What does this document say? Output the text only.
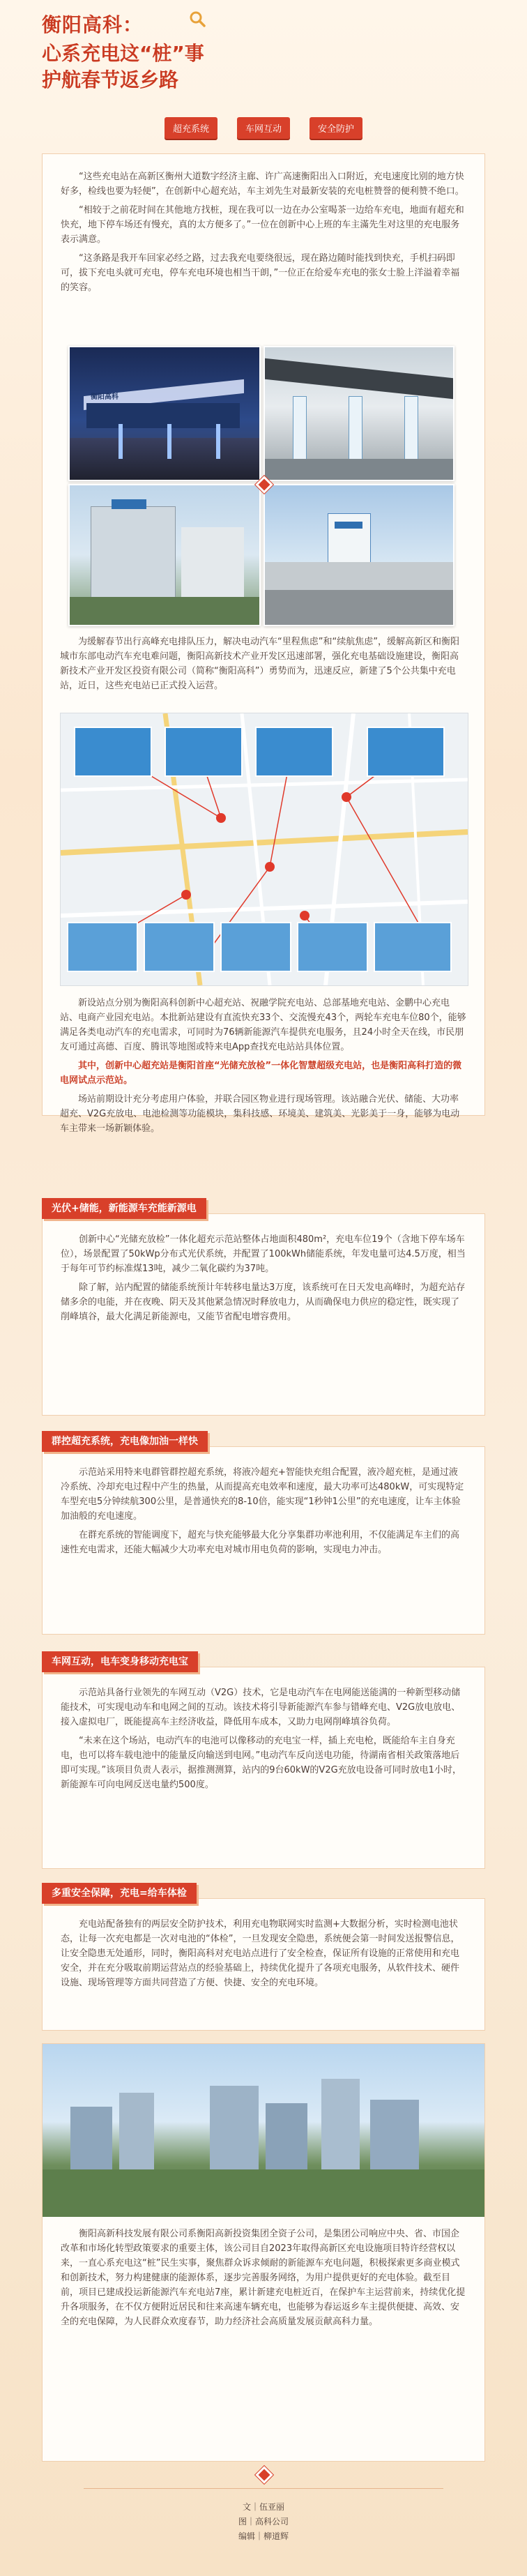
衡阳高科：
心系充电这“桩”事
护航春节返乡路
超充系统	车网互动	安全防护

“这些充电站在高新区衡州大道数字经济主廊、许广高速衡阳出入口附近，充电速度比别的地方快好多，检线也要为轻便”，在创新中心超充站，车主刘先生对最新安装的充电桩赞誉的便利赞不绝口。

“相较于之前花时间在其他地方找桩，现在我可以一边在办公室喝茶一边给车充电，地面有超充和快充，地下停车场还有慢充，真的太方便多了。”一位在创新中心上班的车主滿先生对这里的充电服务表示满意。

“这条路是我开车回家必经之路，过去我充电要绕很远，现在路边随时能找到快充，手机扫码即可，拔下充电头就可充电，停车充电环境也相当干朗，”一位正在给爱车充电的张女士脸上洋溢着幸福的笑容。

衡阳高科

为缓解春节出行高峰充电排队压力，解决电动汽车“里程焦虑”和“续航焦虑”，缓解高新区和衡阳城市东部电动汽车充电难问题，衡阳高新技术产业开发区迅速部署，强化充电基础设施建设，衡阳高新技术产业开发区投资有限公司（简称“衡阳高科”）勇势而为，迅速反应，新建了5个公共集中充电站，近日，这些充电站已正式投入运营。

新设站点分别为衡阳高科创新中心超充站、祝融学院充电站、总部基地充电站、金鹏中心充电站、电商产业园充电站。本批新站建设有直流快充33个、交流慢充43个，两轮车充电车位80个，能够满足各类电动汽车的充电需求，可同时为76辆新能源汽车提供充电服务，且24小时全天在线，市民朋友可通过高德、百度、腾讯等地图或特来电App查找充电站站具体位置。

其中，创新中心超充站是衡阳首座“光储充放检”一体化智慧超级充电站，也是衡阳高科打造的微电网试点示范站。

场站前期设计充分考虑用户体验，并联合园区物业进行现场管理。该站融合光伏、储能、大功率超充、V2G充放电、电池检测等功能模块，集科技感、环境美、建筑美、光影美于一身，能够为电动车主带来一场新颖体验。

创新中心“光储充放检”一体化超充示范站整体占地面积480m²，充电车位19个（含地下停车场车位），场景配置了50kWp分布式光伏系统，并配置了100kWh储能系统，年发电量可达4.5万度，相当于每年可节约标准煤13吨，减少二氧化碳约为37吨。

除了解，站内配置的储能系统预计年转移电量达3万度，该系统可在日天发电高峰时，为超充站存储多余的电能，并在夜晚、阴天及其他紧急情况时释放电力，从而确保电力供应的稳定性，既实现了削峰填谷，最大化满足新能源电，又能节省配电增容费用。

光伏+储能，新能源车充能新源电

示范站采用特来电群管群控超充系统，将液冷超充+智能快充组合配置，液冷超充桩，是通过液冷系统、冷却充电过程中产生的热量，从而提高充电效率和速度，最大功率可达480kW，可实现特定车型充电5分钟续航300公里，是普通快充的8-10倍，能实现“1秒钟1公里”的充电速度，让车主体验加油般的充电速度。

在群充系统的智能调度下，超充与快充能够最大化分享集群功率池利用，不仅能满足车主们的高速性充电需求，还能大幅减少大功率充电对城市用电负荷的影响，实现电力冲击。

群控超充系统，充电像加油一样快

示范站具备行业领先的车网互动（V2G）技术，它是电动汽车在电网能送能满的一种新型移动储能技术，可实现电动车和电网之间的互动。该技术将引导新能源汽车参与错峰充电、V2G放电放电、接入虚拟电厂，既能提高车主经济收益，降低用车成本，又助力电网削峰填谷负荷。

“未来在这个场站，电动汽车的电池可以像移动的充电宝一样，插上充电枪，既能给车主自身充电，也可以将车载电池中的能量反向输送到电网。”电动汽车反向送电功能，待湖南省相关政策落地后即可实现。”该项目负责人表示，据推测测算，站内的9台60kW的V2G充放电设备可同时放电1小时，新能源车可向电网反送电量约500度。

车网互动，电车变身移动充电宝

充电站配备独有的两层安全防护技术，利用充电物联网实时监测+大数据分析，实时检测电池状态，让每一次充电都是一次对电池的“体检”，一旦发现安全隐患，系统便会第一时间发送报警信息，让安全隐患无处遁形，同时，衡阳高科对充电站点进行了安全检查，保证所有设施的正常使用和充电安全，并在充分吸取前期运营站点的经验基础上，持续优化提升了各项充电服务，从软件技术、硬件设施、现场管理等方面共同营造了方便、快捷、安全的充电环境。

多重安全保障，充电=给车体检

衡阳高新科技发展有限公司系衡阳高新投资集团全资子公司，是集团公司响应中央、省、市国企改革和市场化转型政策要求的重要主体，该公司目自2023年取得高新区充电设施项目特许经营权以来，一直心系充电这“桩”民生实事，聚焦群众诉求倾耐的新能源车充电问题，积极探索更多商业模式和创新技术，努力构建健康的能源体系，逐步完善服务网络，为用户提供更好的充电体验。截至目前，项目已建成投运新能源汽车充电站7座，累计新建充电桩近百，在保护车主运营前来，持续优化提升各项服务，在不仅方便附近居民和往来高速车辆充电，也能够为春运返乡车主提供便捷、高效、安全的充电保障，为人民群众欢度春节，助力经济社会高质量发展贡献高科力量。

文｜伍亚丽
图｜高科公司
编辑｜柳道辉
